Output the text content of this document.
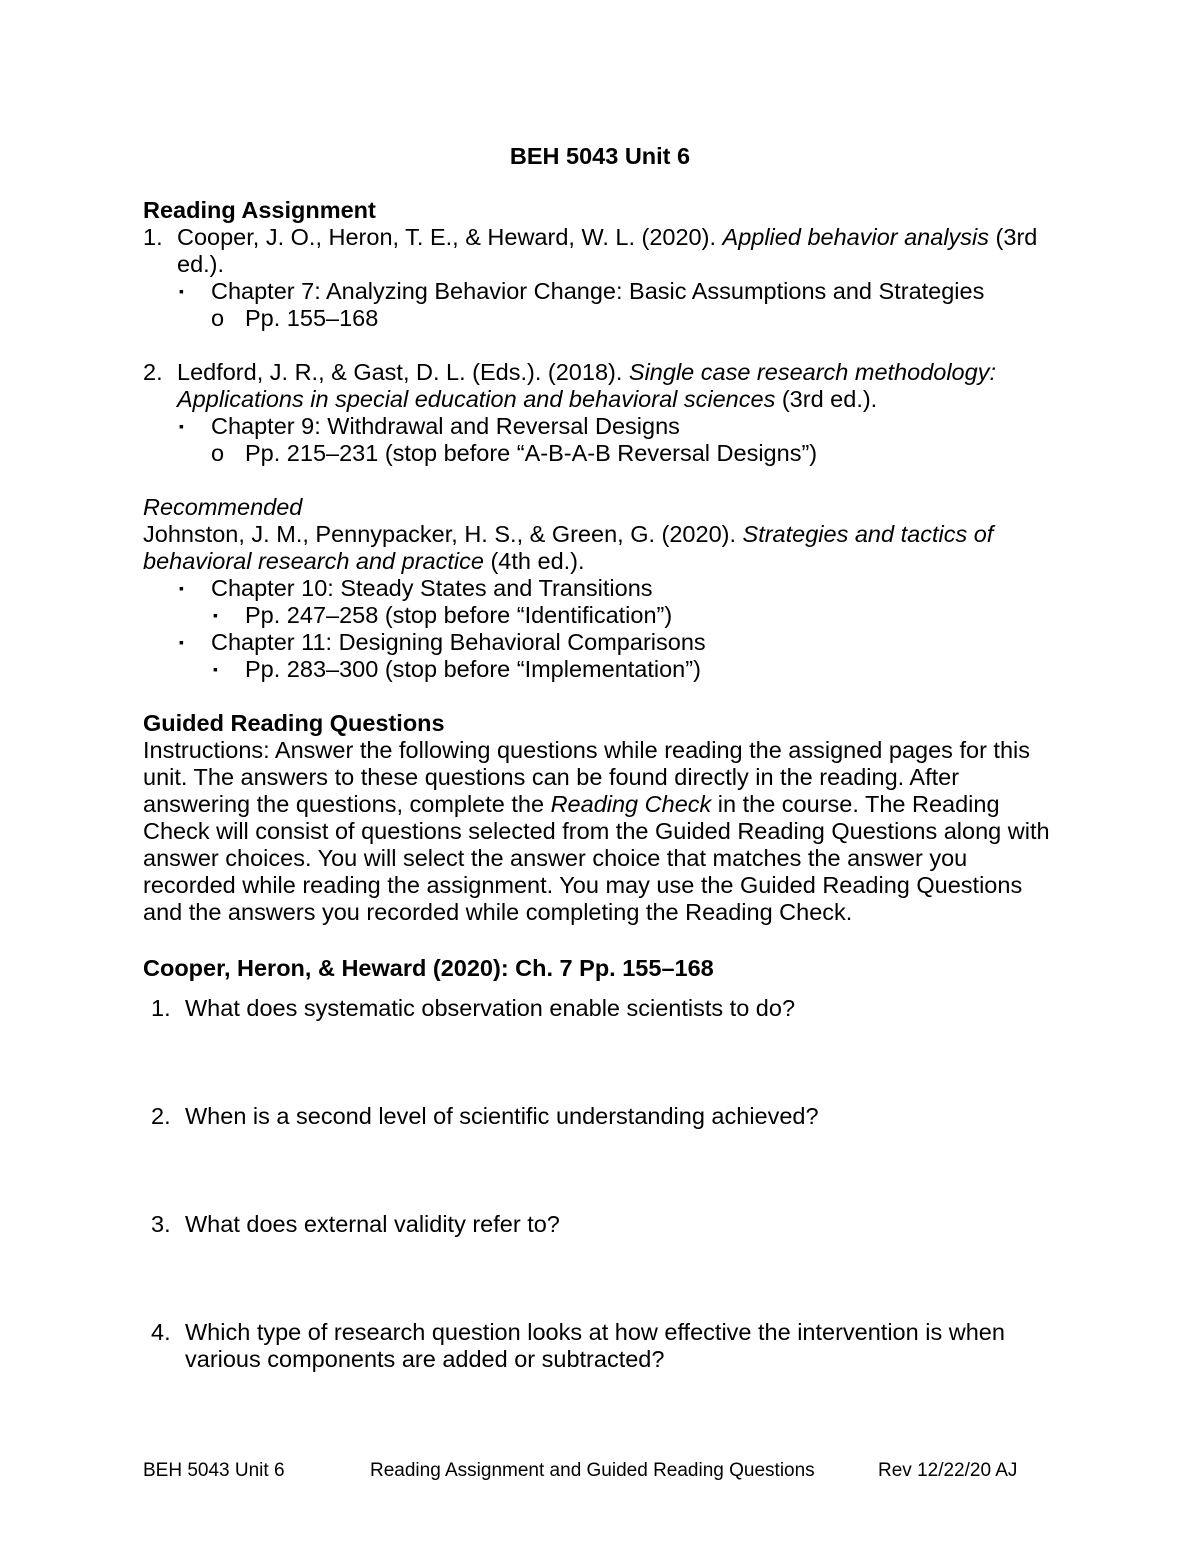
BEH 5043 Unit 6
Reading Assignment
1. Cooper, J. O., Heron, T. E., & Heward, W. L. (2020). Applied behavior analysis (3rd
ed.).
▪ Chapter 7: Analyzing Behavior Change: Basic Assumptions and Strategies
o Pp. 155–168
2. Ledford, J. R., & Gast, D. L. (Eds.). (2018). Single case research methodology:
Applications in special education and behavioral sciences (3rd ed.).
▪ Chapter 9: Withdrawal and Reversal Designs
o Pp. 215–231 (stop before “A-B-A-B Reversal Designs”)
Recommended
Johnston, J. M., Pennypacker, H. S., & Green, G. (2020). Strategies and tactics of
behavioral research and practice (4th ed.).
▪ Chapter 10: Steady States and Transitions
▪ Pp. 247–258 (stop before “Identification”)
▪ Chapter 11: Designing Behavioral Comparisons
▪ Pp. 283–300 (stop before “Implementation”)
Guided Reading Questions
Instructions: Answer the following questions while reading the assigned pages for this
unit. The answers to these questions can be found directly in the reading. After
answering the questions, complete the Reading Check in the course. The Reading
Check will consist of questions selected from the Guided Reading Questions along with
answer choices. You will select the answer choice that matches the answer you
recorded while reading the assignment. You may use the Guided Reading Questions
and the answers you recorded while completing the Reading Check.
Cooper, Heron, & Heward (2020): Ch. 7 Pp. 155–168
1. What does systematic observation enable scientists to do?
2. When is a second level of scientific understanding achieved?
3. What does external validity refer to?
4. Which type of research question looks at how effective the intervention is when
various components are added or subtracted?
BEH 5043 Unit 6	Reading Assignment and Guided Reading Questions	Rev 12/22/20 AJ
